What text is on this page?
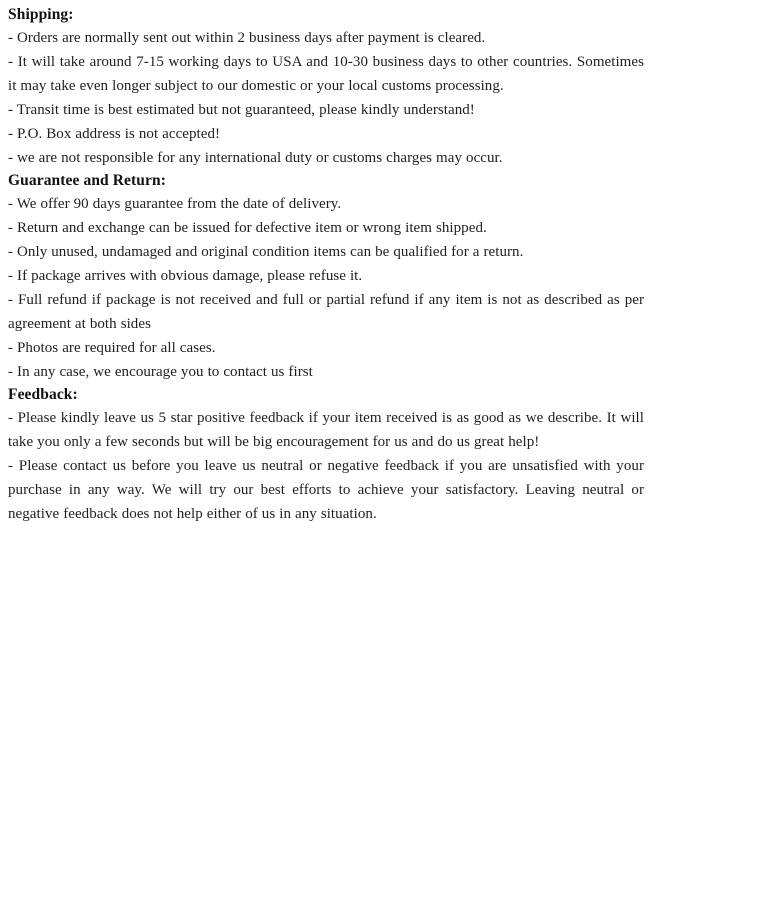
Shipping:

- Orders are normally sent out within 2 business days after payment is cleared.

- It will take around 7-15 working days to USA and 10-30 business days to other countries. Sometimes it may take even longer subject to our domestic or your local customs processing.

- Transit time is best estimated but not guaranteed, please kindly understand!

- P.O. Box address is not accepted!

- we are not responsible for any international duty or customs charges may occur.

Guarantee and Return:

- We offer 90 days guarantee from the date of delivery.

- Return and exchange can be issued for defective item or wrong item shipped.

- Only unused, undamaged and original condition items can be qualified for a return.

- If package arrives with obvious damage, please refuse it.

- Full refund if package is not received and full or partial refund if any item is not as described as per agreement at both sides

- Photos are required for all cases.

- In any case, we encourage you to contact us first

Feedback:

- Please kindly leave us 5 star positive feedback if your item received is as good as we describe. It will take you only a few seconds but will be big encouragement for us and do us great help!

- Please contact us before you leave us neutral or negative feedback if you are unsatisfied with your purchase in any way. We will try our best efforts to achieve your satisfactory. Leaving neutral or negative feedback does not help either of us in any situation.
